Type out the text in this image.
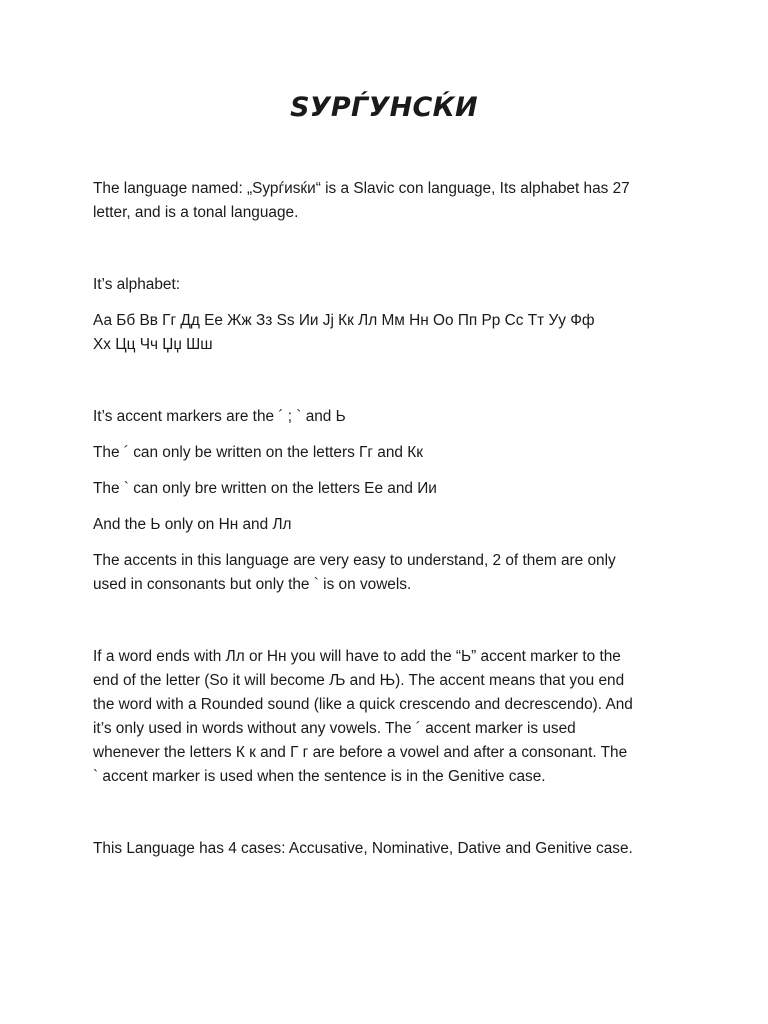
SУРЃУНСЌИ

The language named: „Sурѓиsќи“ is a Slavic con language, Its alphabet has 27
letter, and is a tonal language.

It’s alphabet:

Аа Бб Вв Гг Дд Ее Жж Зз Ss Ии Јј Кк Лл Мм Нн Оо Пп Рр Сс Тт Уу Фф
Хх Цц Чч Џџ Шш

It’s accent markers are the ´ ; ` and Ь

The ´ can only be written on the letters Гг and Кк

The ` can only bre written on the letters Ее and Ии

And the Ь only on Нн and Лл

The accents in this language are very easy to understand, 2 of them are only
used in consonants but only the ` is on vowels.

If a word ends with Лл or Нн you will have to add the “Ь” accent marker to the
end of the letter (So it will become Љ and Њ). The accent means that you end
the word with a Rounded sound (like a quick crescendo and decrescendo). And
it’s only used in words without any vowels. The ´ accent marker is used
whenever the letters К к and Г г are before a vowel and after a consonant. The
` accent marker is used when the sentence is in the Genitive case.

This Language has 4 cases: Accusative, Nominative, Dative and Genitive case.
